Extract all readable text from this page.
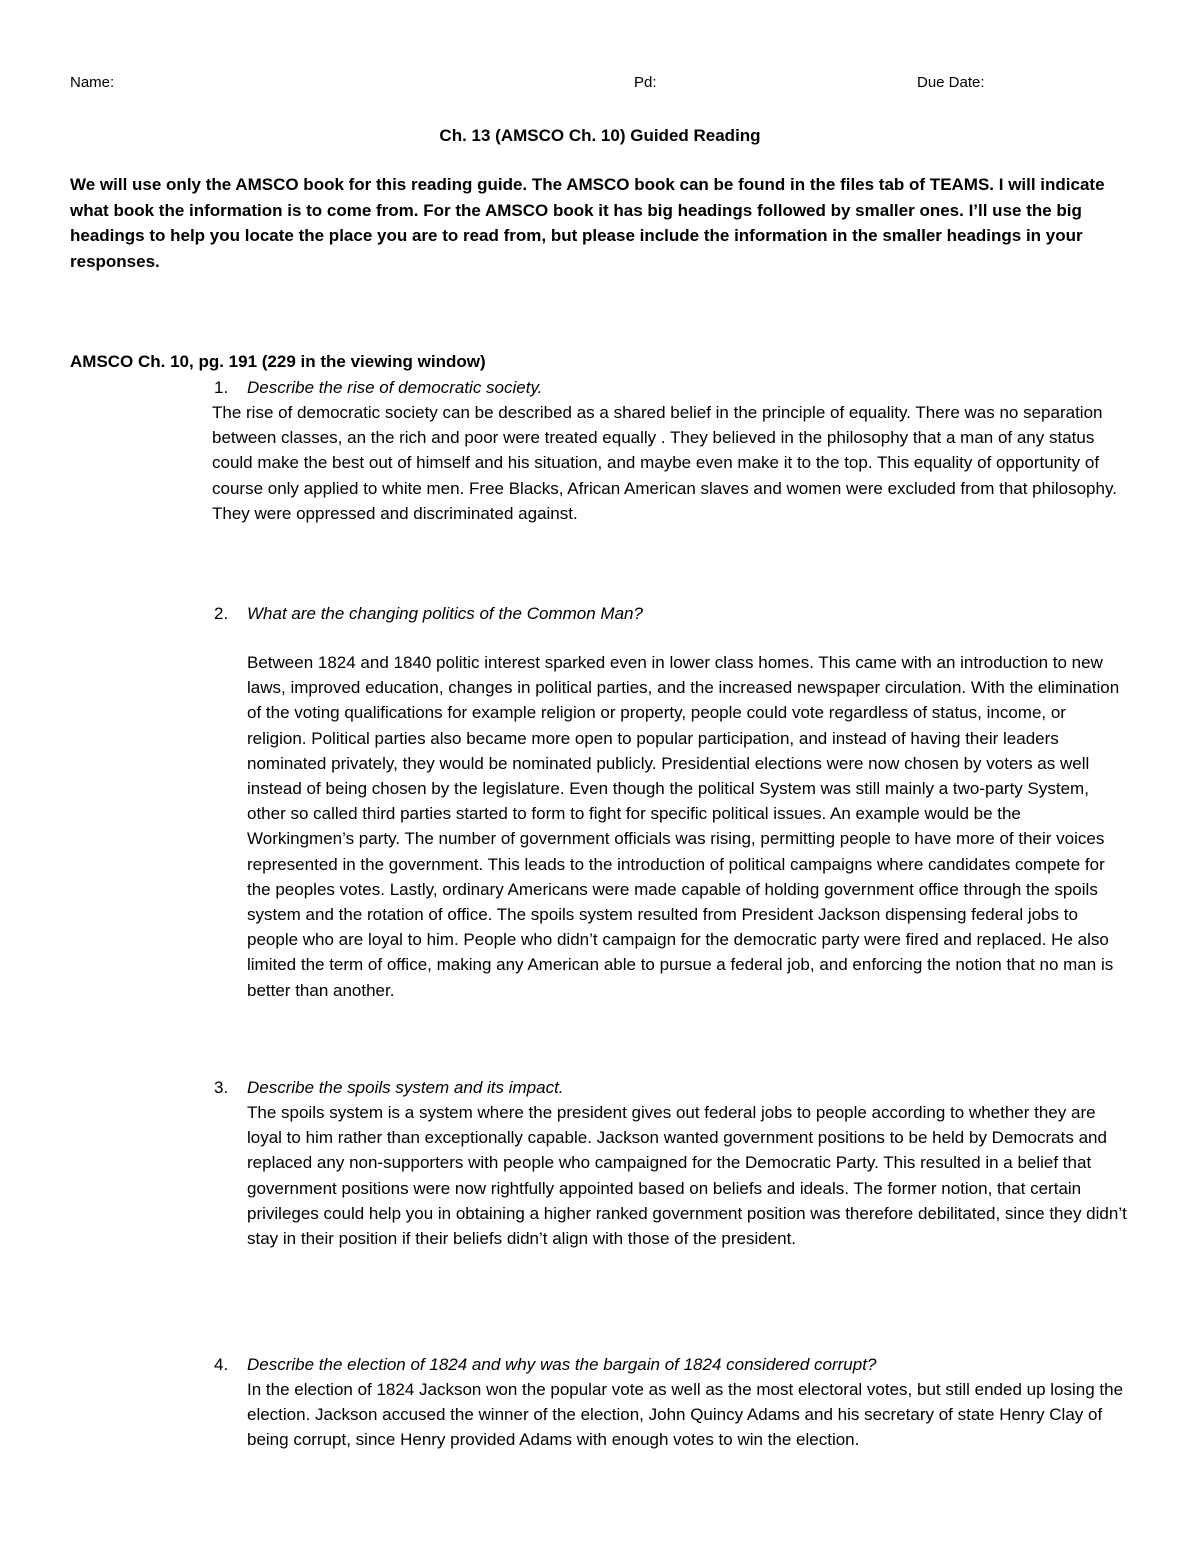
Name:	Pd:	Due Date:
Ch. 13 (AMSCO Ch. 10) Guided Reading
We will use only the AMSCO book for this reading guide. The AMSCO book can be found in the files tab of TEAMS. I will indicate what book the information is to come from. For the AMSCO book it has big headings followed by smaller ones. I’ll use the big headings to help you locate the place you are to read from, but please include the information in the smaller headings in your responses.
AMSCO Ch. 10, pg. 191 (229 in the viewing window)
1. Describe the rise of democratic society.
The rise of democratic society can be described as a shared belief in the principle of equality. There was no separation between classes, an the rich and poor were treated equally . They believed in the philosophy that a man of any status could make the best out of himself and his situation, and maybe even make it to the top. This equality of opportunity of course only applied to white men. Free Blacks, African American slaves and women were excluded from that philosophy. They were oppressed and discriminated against.
2. What are the changing politics of the Common Man?
Between 1824 and 1840 politic interest sparked even in lower class homes. This came with an introduction to new laws, improved education, changes in political parties, and the increased newspaper circulation. With the elimination of the voting qualifications for example religion or property, people could vote regardless of status, income, or religion. Political parties also became more open to popular participation, and instead of having their leaders nominated privately, they would be nominated publicly. Presidential elections were now chosen by voters as well instead of being chosen by the legislature. Even though the political System was still mainly a two-party System, other so called third parties started to form to fight for specific political issues. An example would be the Workingmen’s party. The number of government officials was rising, permitting people to have more of their voices represented in the government. This leads to the introduction of political campaigns where candidates compete for the peoples votes. Lastly, ordinary Americans were made capable of holding government office through the spoils system and the rotation of office. The spoils system resulted from President Jackson dispensing federal jobs to people who are loyal to him. People who didn’t campaign for the democratic party were fired and replaced. He also limited the term of office, making any American able to pursue a federal job, and enforcing the notion that no man is better than another.
3. Describe the spoils system and its impact.
The spoils system is a system where the president gives out federal jobs to people according to whether they are loyal to him rather than exceptionally capable. Jackson wanted government positions to be held by Democrats and replaced any non-supporters with people who campaigned for the Democratic Party. This resulted in a belief that government positions were now rightfully appointed based on beliefs and ideals. The former notion, that certain privileges could help you in obtaining a higher ranked government position was therefore debilitated, since they didn’t stay in their position if their beliefs didn’t align with those of the president.
4. Describe the election of 1824 and why was the bargain of 1824 considered corrupt?
In the election of 1824 Jackson won the popular vote as well as the most electoral votes, but still ended up losing the election. Jackson accused the winner of the election, John Quincy Adams and his secretary of state Henry Clay of being corrupt, since Henry provided Adams with enough votes to win the election.
